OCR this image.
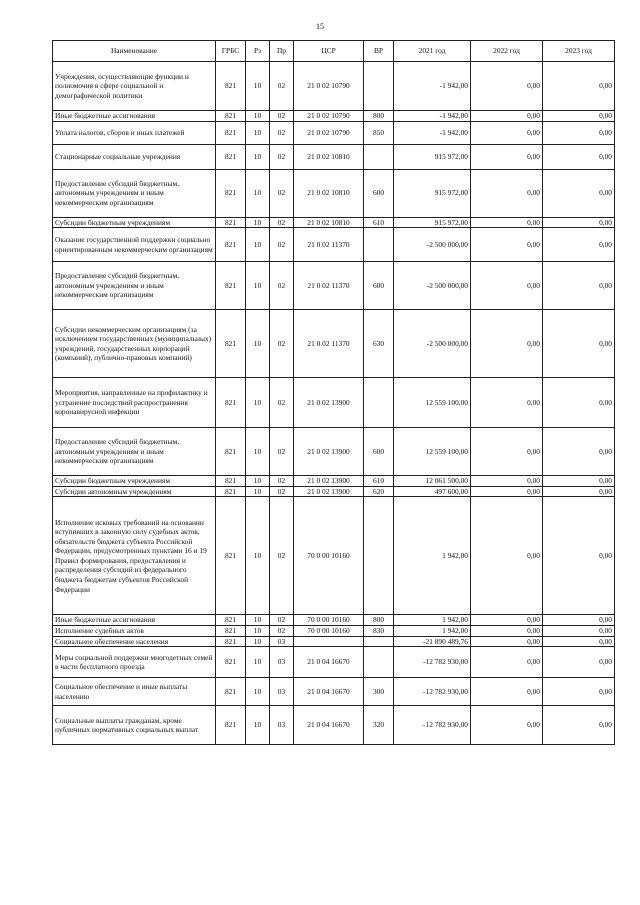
15
Наименование	ГРБС	Рз	Пр	ЦСР	ВР	2021 год	2022 год	2023 год
Учреждения, осуществляющие функции и полномочия в сфере социальной и демографической политики	821	10	02	21 0 02 10790		-1 942,00	0,00	0,00
Иные бюджетные ассигнования	821	10	02	21 0 02 10790	800	-1 942,00	0,00	0,00
Уплата налогов, сборов и иных платежей	821	10	02	21 0 02 10790	850	-1 942,00	0,00	0,00
Стационарные социальные учреждения	821	10	02	21 0 02 10810		915 972,00	0,00	0,00
Предоставление субсидий бюджетным, автономным учреждениям и иным некоммерческим организациям	821	10	02	21 0 02 10810	600	915 972,00	0,00	0,00
Субсидии бюджетным учреждениям	821	10	02	21 0 02 10810	610	915 972,00	0,00	0,00
Оказание государственной поддержки социально ориентированным некоммерческим организациям	821	10	02	21 0 02 11370		-2 500 000,00	0,00	0,00
Предоставление субсидий бюджетным, автономным учреждениям и иным некоммерческим организациям	821	10	02	21 0 02 11370	600	-2 500 000,00	0,00	0,00
Субсидии некоммерческим организациям (за исключением государственных (муниципальных) учреждений, государственных корпораций (компаний), публично-правовых компаний)	821	10	02	21 0 02 11370	630	-2 500 000,00	0,00	0,00
Мероприятия, направленные на профилактику и устранение последствий распространения коронавирусной инфекции	821	10	02	21 0 02 13900		12 559 100,00	0,00	0,00
Предоставление субсидий бюджетным, автономным учреждениям и иным некоммерческим организациям	821	10	02	21 0 02 13900	600	12 559 100,00	0,00	0,00
Субсидии бюджетным учреждениям	821	10	02	21 0 02 13900	610	12 061 500,00	0,00	0,00
Субсидии автономным учреждениям	821	10	02	21 0 02 13900	620	497 600,00	0,00	0,00
Исполнение исковых требований на основании вступивших в законную силу судебных актов, обязательств бюджета субъекта Российской Федерации, предусмотренных пунктами 16 и 19 Правил формирования, предоставления и распределения субсидий из федерального бюджета бюджетам субъектов Российской Федерации	821	10	02	70 0 00 10160		1 942,00	0,00	0,00
Иные бюджетные ассигнования	821	10	02	70 0 00 10160	800	1 942,00	0,00	0,00
Исполнение судебных актов	821	10	02	70 0 00 10160	830	1 942,00	0,00	0,00
Социальное обеспечение населения	821	10	03			-21 890 489,76	0,00	0,00
Меры социальной поддержки многодетных семей в части бесплатного проезда	821	10	03	21 0 04 16670		-12 782 930,00	0,00	0,00
Социальное обеспечение и иные выплаты населению	821	10	03	21 0 04 16670	300	-12 782 930,00	0,00	0,00
Социальные выплаты гражданам, кроме публичных нормативных социальных выплат	821	10	03	21 0 04 16670	320	-12 782 930,00	0,00	0,00
